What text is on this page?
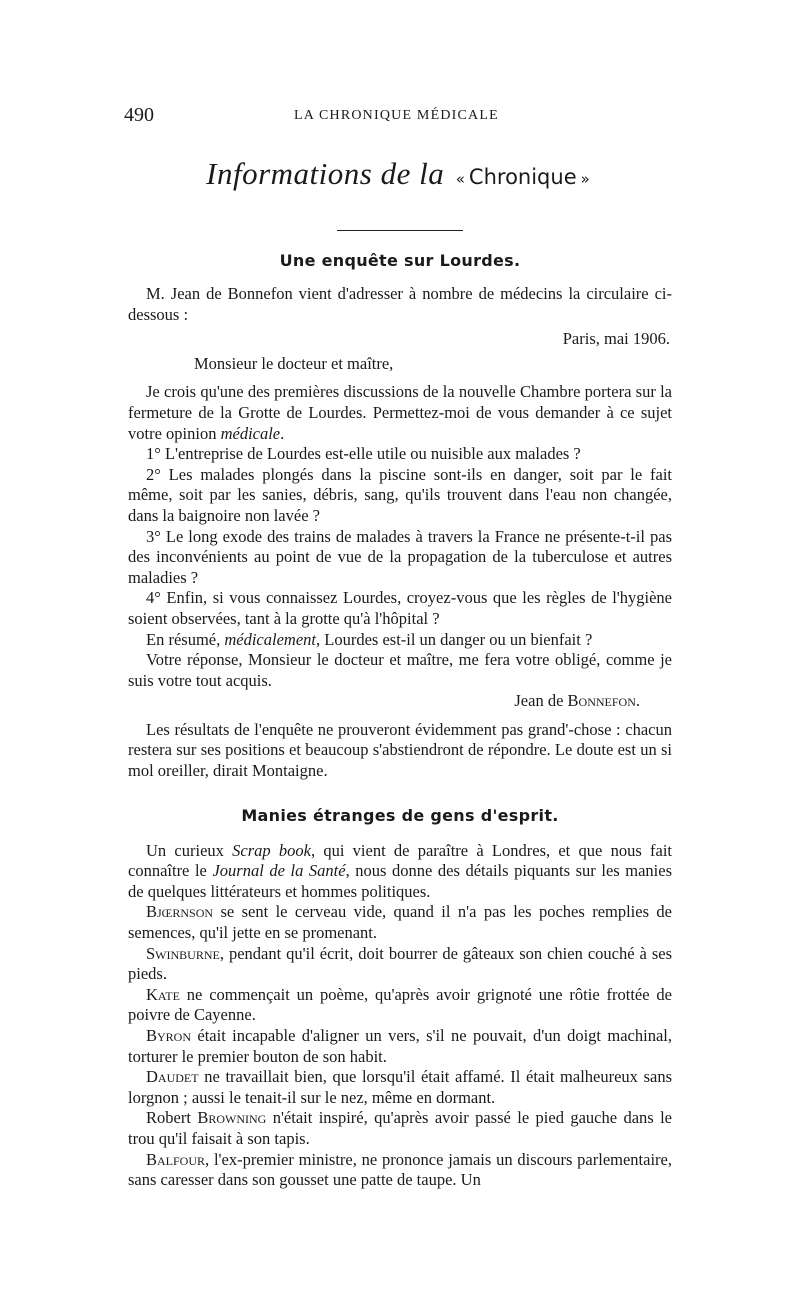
490	LA CHRONIQUE MÉDICALE
Informations de la « Chronique »
Une enquête sur Lourdes.

M. Jean de Bonnefon vient d'adresser à nombre de médecins la circulaire ci-dessous :

Paris, mai 1906.

Monsieur le docteur et maître,

Je crois qu'une des premières discussions de la nouvelle Chambre portera sur la fermeture de la Grotte de Lourdes. Permettez-moi de vous demander à ce sujet votre opinion médicale.

1° L'entreprise de Lourdes est-elle utile ou nuisible aux malades ?

2° Les malades plongés dans la piscine sont-ils en danger, soit par le fait même, soit par les sanies, débris, sang, qu'ils trouvent dans l'eau non changée, dans la baignoire non lavée ?

3° Le long exode des trains de malades à travers la France ne présente-t-il pas des inconvénients au point de vue de la propagation de la tuberculose et autres maladies ?

4° Enfin, si vous connaissez Lourdes, croyez-vous que les règles de l'hygiène soient observées, tant à la grotte qu'à l'hôpital ?

En résumé, médicalement, Lourdes est-il un danger ou un bienfait ?

Votre réponse, Monsieur le docteur et maître, me fera votre obligé, comme je suis votre tout acquis.

Jean de Bonnefon.

Les résultats de l'enquête ne prouveront évidemment pas grand'-chose : chacun restera sur ses positions et beaucoup s'abstiendront de répondre. Le doute est un si mol oreiller, dirait Montaigne.

Manies étranges de gens d'esprit.

Un curieux Scrap book, qui vient de paraître à Londres, et que nous fait connaître le Journal de la Santé, nous donne des détails piquants sur les manies de quelques littérateurs et hommes politiques.

Bjœrnson se sent le cerveau vide, quand il n'a pas les poches remplies de semences, qu'il jette en se promenant.

Swinburne, pendant qu'il écrit, doit bourrer de gâteaux son chien couché à ses pieds.

Kate ne commençait un poème, qu'après avoir grignoté une rôtie frottée de poivre de Cayenne.

Byron était incapable d'aligner un vers, s'il ne pouvait, d'un doigt machinal, torturer le premier bouton de son habit.

Daudet ne travaillait bien, que lorsqu'il était affamé. Il était malheureux sans lorgnon ; aussi le tenait-il sur le nez, même en dormant.

Robert Browning n'était inspiré, qu'après avoir passé le pied gauche dans le trou qu'il faisait à son tapis.

Balfour, l'ex-premier ministre, ne prononce jamais un discours parlementaire, sans caresser dans son gousset une patte de taupe. Un
